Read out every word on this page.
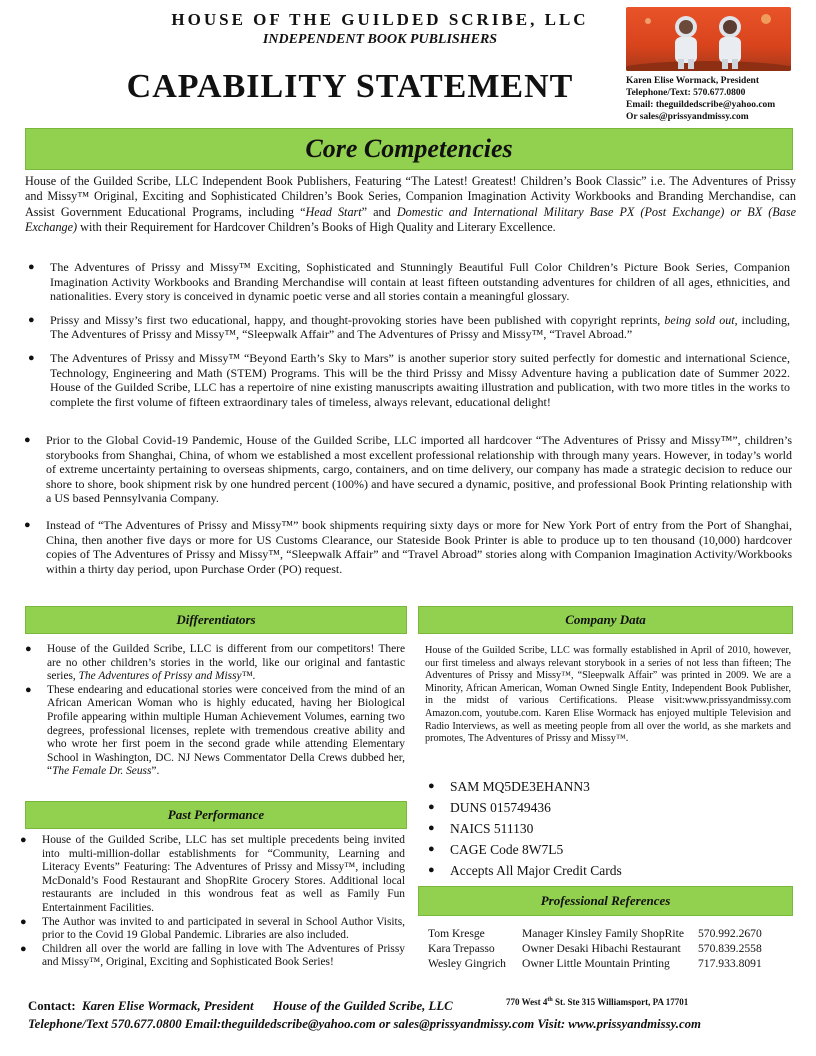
HOUSE OF THE GUILDED SCRIBE, LLC
INDEPENDENT BOOK PUBLISHERS
CAPABILITY STATEMENT	Karen Elise Wormack, President
Telephone/Text: 570.677.0800
Email: theguildedscribe@yahoo.com
Or sales@prissyandmissy.com
Core Competencies
House of the Guilded Scribe, LLC Independent Book Publishers, Featuring “The Latest! Greatest! Children’s Book Classic” i.e. The Adventures of Prissy and Missy™ Original, Exciting and Sophisticated Children’s Book Series, Companion Imagination Activity Workbooks and Branding Merchandise, can Assist Government Educational Programs, including “Head Start” and Domestic and International Military Base PX (Post Exchange) or BX (Base Exchange) with their Requirement for Hardcover Children’s Books of High Quality and Literary Excellence.
● The Adventures of Prissy and Missy™ Exciting, Sophisticated and Stunningly Beautiful Full Color Children’s Picture Book Series, Companion Imagination Activity Workbooks and Branding Merchandise will contain at least fifteen outstanding adventures for children of all ages, ethnicities, and nationalities. Every story is conceived in dynamic poetic verse and all stories contain a meaningful glossary.
● Prissy and Missy’s first two educational, happy, and thought-provoking stories have been published with copyright reprints, being sold out, including, The Adventures of Prissy and Missy™, “Sleepwalk Affair” and The Adventures of Prissy and Missy™, “Travel Abroad.”
● The Adventures of Prissy and Missy™ “Beyond Earth’s Sky to Mars” is another superior story suited perfectly for domestic and international Science, Technology, Engineering and Math (STEM) Programs. This will be the third Prissy and Missy Adventure having a publication date of Summer 2022. House of the Guilded Scribe, LLC has a repertoire of nine existing manuscripts awaiting illustration and publication, with two more titles in the works to complete the first volume of fifteen extraordinary tales of timeless, always relevant, educational delight!
● Prior to the Global Covid-19 Pandemic, House of the Guilded Scribe, LLC imported all hardcover “The Adventures of Prissy and Missy™”, children’s storybooks from Shanghai, China, of whom we established a most excellent professional relationship with through many years. However, in today’s world of extreme uncertainty pertaining to overseas shipments, cargo, containers, and on time delivery, our company has made a strategic decision to reduce our shore to shore, book shipment risk by one hundred percent (100%) and have secured a dynamic, positive, and professional Book Printing relationship with a US based Pennsylvania Company.
● Instead of “The Adventures of Prissy and Missy™” book shipments requiring sixty days or more for New York Port of entry from the Port of Shanghai, China, then another five days or more for US Customs Clearance, our Stateside Book Printer is able to produce up to ten thousand (10,000) hardcover copies of The Adventures of Prissy and Missy™, “Sleepwalk Affair” and “Travel Abroad” stories along with Companion Imagination Activity/Workbooks within a thirty day period, upon Purchase Order (PO) request.
Differentiators
● House of the Guilded Scribe, LLC is different from our competitors! There are no other children’s stories in the world, like our original and fantastic series, The Adventures of Prissy and Missy™.
● These endearing and educational stories were conceived from the mind of an African American Woman who is highly educated, having her Biological Profile appearing within multiple Human Achievement Volumes, earning two degrees, professional licenses, replete with tremendous creative ability and who wrote her first poem in the second grade while attending Elementary School in Washington, DC. NJ News Commentator Della Crews dubbed her, “The Female Dr. Seuss”.
Past Performance
● House of the Guilded Scribe, LLC has set multiple precedents being invited into multi-million-dollar establishments for “Community, Learning and Literacy Events” Featuring: The Adventures of Prissy and Missy™, including McDonald’s Food Restaurant and ShopRite Grocery Stores. Additional local restaurants are included in this wondrous feat as well as Family Fun Entertainment Facilities.
● The Author was invited to and participated in several in School Author Visits, prior to the Covid 19 Global Pandemic. Libraries are also included.
● Children all over the world are falling in love with The Adventures of Prissy and Missy™, Original, Exciting and Sophisticated Book Series!
Company Data
House of the Guilded Scribe, LLC was formally established in April of 2010, however, our first timeless and always relevant storybook in a series of not less than fifteen; The Adventures of Prissy and Missy™, “Sleepwalk Affair” was printed in 2009. We are a Minority, African American, Woman Owned Single Entity, Independent Book Publisher, in the midst of various Certifications. Please visit:www.prissyandmissy.com Amazon.com, youtube.com. Karen Elise Wormack has enjoyed multiple Television and Radio Interviews, as well as meeting people from all over the world, as she markets and promotes, The Adventures of Prissy and Missy™.
● SAM MQ5DE3EHANN3
● DUNS 015749436
● NAICS 511130
● CAGE Code 8W7L5
● Accepts All Major Credit Cards
Professional References
Tom Kresge	Manager Kinsley Family ShopRite	570.992.2670
Kara Trepasso	Owner Desaki Hibachi Restaurant	570.839.2558
Wesley Gingrich	Owner Little Mountain Printing	717.933.8091
Contact: Karen Elise Wormack, President House of the Guilded Scribe, LLC	770 West 4th St. Ste 315 Williamsport, PA 17701
Telephone/Text 570.677.0800 Email:theguildedscribe@yahoo.com or sales@prissyandmissy.com Visit: www.prissyandmissy.com
